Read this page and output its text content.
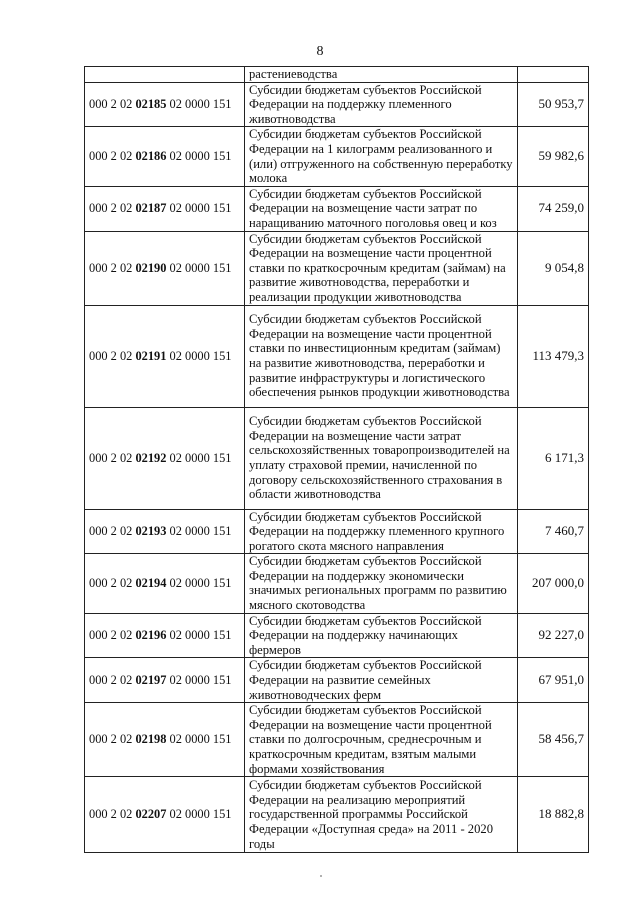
8
	растениеводства	
000 2 02 02185 02 0000 151	Субсидии бюджетам субъектов Российской Федерации на поддержку племенного животноводства	50 953,7
000 2 02 02186 02 0000 151	Субсидии бюджетам субъектов Российской Федерации на 1 килограмм реализованного и (или) отгруженного на собственную переработку молока	59 982,6
000 2 02 02187 02 0000 151	Субсидии бюджетам субъектов Российской Федерации на возмещение части затрат по наращиванию маточного поголовья овец и коз	74 259,0
000 2 02 02190 02 0000 151	Субсидии бюджетам субъектов Российской Федерации на возмещение части процентной ставки по краткосрочным кредитам (займам) на развитие животноводства, переработки и реализации продукции животноводства	9 054,8
000 2 02 02191 02 0000 151	Субсидии бюджетам субъектов Российской Федерации на возмещение части процентной ставки по инвестиционным кредитам (займам) на развитие животноводства, переработки и развитие инфраструктуры и логистического обеспечения рынков продукции животноводства	113 479,3
000 2 02 02192 02 0000 151	Субсидии бюджетам субъектов Российской Федерации на возмещение части затрат сельскохозяйственных товаропроизводителей на уплату страховой премии, начисленной по договору сельскохозяйственного страхования в области животноводства	6 171,3
000 2 02 02193 02 0000 151	Субсидии бюджетам субъектов Российской Федерации на поддержку племенного крупного рогатого скота мясного направления	7 460,7
000 2 02 02194 02 0000 151	Субсидии бюджетам субъектов Российской Федерации на поддержку экономически значимых региональных программ по развитию мясного скотоводства	207 000,0
000 2 02 02196 02 0000 151	Субсидии бюджетам субъектов Российской Федерации на поддержку начинающих фермеров	92 227,0
000 2 02 02197 02 0000 151	Субсидии бюджетам субъектов Российской Федерации на развитие семейных животноводческих ферм	67 951,0
000 2 02 02198 02 0000 151	Субсидии бюджетам субъектов Российской Федерации на возмещение части процентной ставки по долгосрочным, среднесрочным и краткосрочным кредитам, взятым малыми формами хозяйствования	58 456,7
000 2 02 02207 02 0000 151	Субсидии бюджетам субъектов Российской Федерации на реализацию мероприятий государственной программы Российской Федерации «Доступная среда» на 2011 - 2020 годы	18 882,8
